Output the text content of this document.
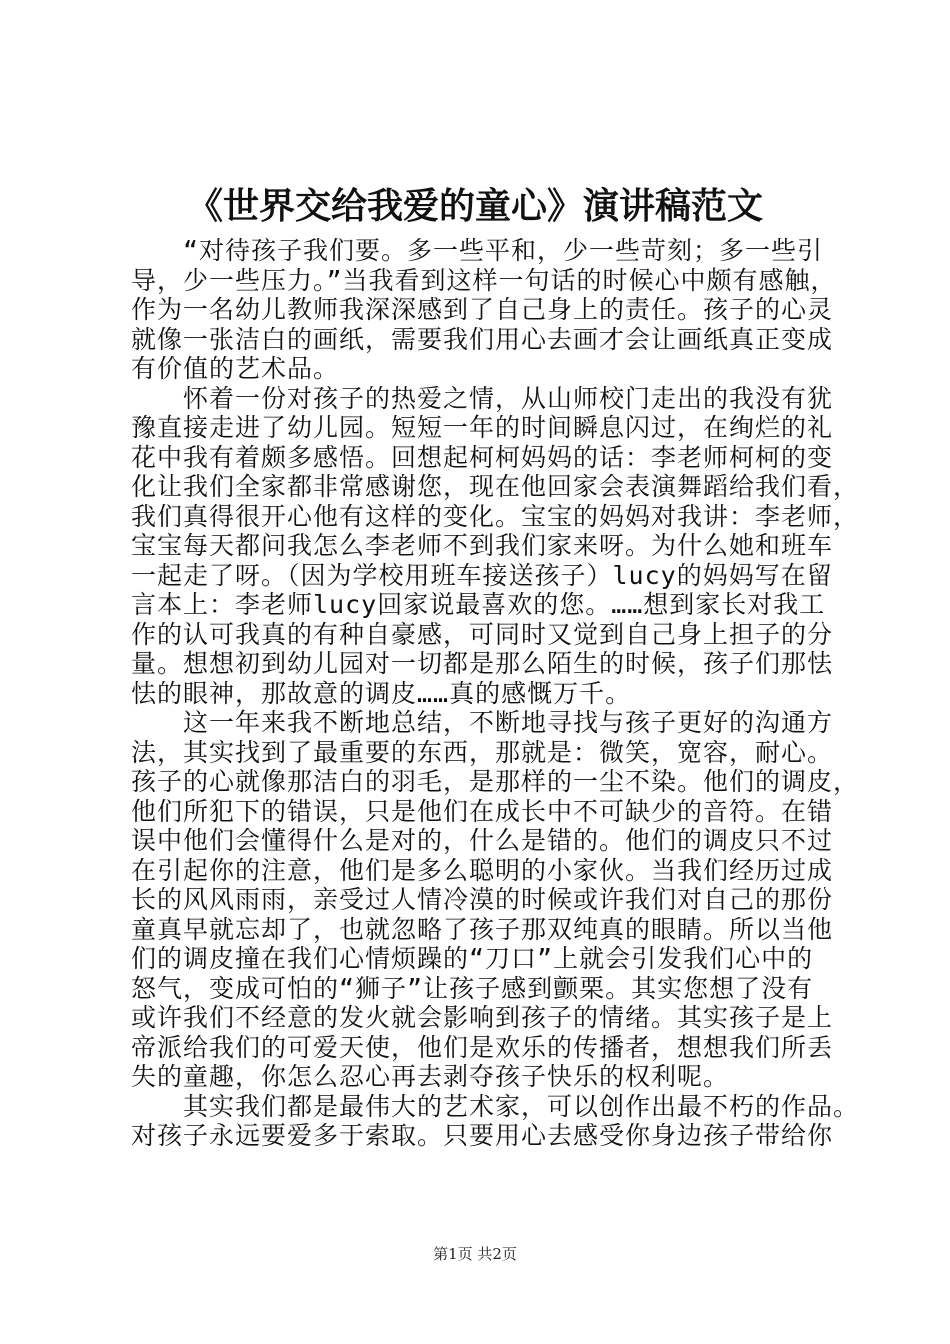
《世界交给我爱的童心》演讲稿范文
“对待孩子我们要。多一些平和，少一些苛刻；多一些引
导，少一些压力。”当我看到这样一句话的时候心中颇有感触，
作为一名幼儿教师我深深感到了自己身上的责任。孩子的心灵
就像一张洁白的画纸，需要我们用心去画才会让画纸真正变成
有价值的艺术品。
怀着一份对孩子的热爱之情，从山师校门走出的我没有犹
豫直接走进了幼儿园。短短一年的时间瞬息闪过，在绚烂的礼
花中我有着颇多感悟。回想起柯柯妈妈的话：李老师柯柯的变
化让我们全家都非常感谢您，现在他回家会表演舞蹈给我们看，
我们真得很开心他有这样的变化。宝宝的妈妈对我讲：李老师，
宝宝每天都问我怎么李老师不到我们家来呀。为什么她和班车
一起走了呀。（因为学校用班车接送孩子）lucy的妈妈写在留
言本上：李老师lucy回家说最喜欢的您。……想到家长对我工
作的认可我真的有种自豪感，可同时又觉到自己身上担子的分
量。想想初到幼儿园对一切都是那么陌生的时候，孩子们那怯
怯的眼神，那故意的调皮……真的感慨万千。
这一年来我不断地总结，不断地寻找与孩子更好的沟通方
法，其实找到了最重要的东西，那就是：微笑，宽容，耐心。
孩子的心就像那洁白的羽毛，是那样的一尘不染。他们的调皮，
他们所犯下的错误，只是他们在成长中不可缺少的音符。在错
误中他们会懂得什么是对的，什么是错的。他们的调皮只不过
在引起你的注意，他们是多么聪明的小家伙。当我们经历过成
长的风风雨雨，亲受过人情冷漠的时候或许我们对自己的那份
童真早就忘却了，也就忽略了孩子那双纯真的眼睛。所以当他
们的调皮撞在我们心情烦躁的“刀口”上就会引发我们心中的
怒气，变成可怕的“狮子”让孩子感到颤栗。其实您想了没有
或许我们不经意的发火就会影响到孩子的情绪。其实孩子是上
帝派给我们的可爱天使，他们是欢乐的传播者，想想我们所丢
失的童趣，你怎么忍心再去剥夺孩子快乐的权利呢。
其实我们都是最伟大的艺术家，可以创作出最不朽的作品。
对孩子永远要爱多于索取。只要用心去感受你身边孩子带给你
第1页 共2页
